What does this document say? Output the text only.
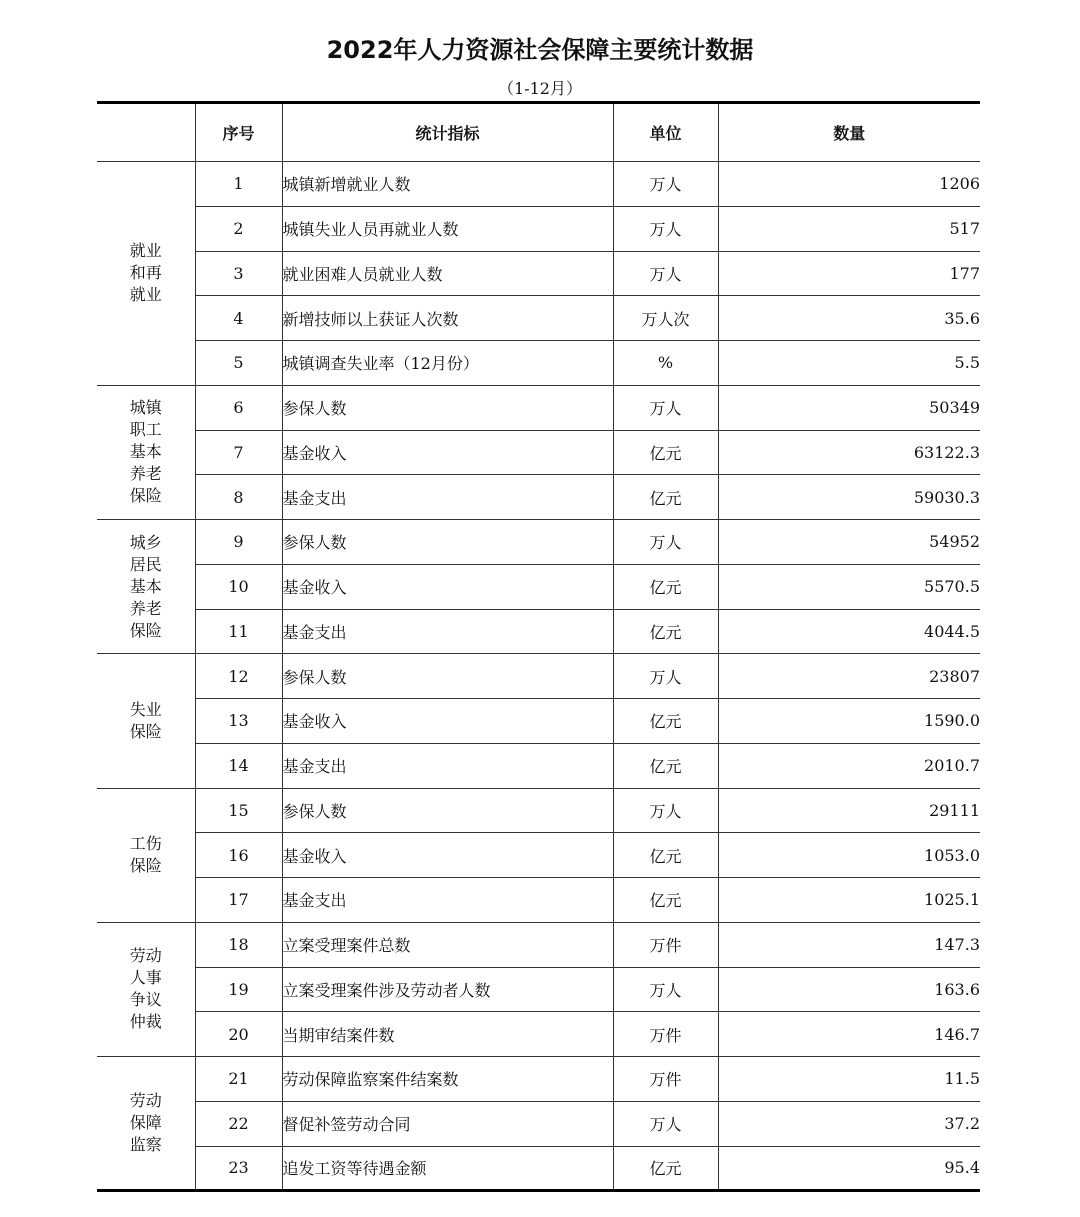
2022年人力资源社会保障主要统计数据
（1-12月）
	序号	统计指标	单位	数量
就业和再就业	1	城镇新增就业人数	万人	1206
	2	城镇失业人员再就业人数	万人	517
	3	就业困难人员就业人数	万人	177
	4	新增技师以上获证人次数	万人次	35.6
	5	城镇调查失业率（12月份）	%	5.5
城镇职工基本养老保险	6	参保人数	万人	50349
	7	基金收入	亿元	63122.3
	8	基金支出	亿元	59030.3
城乡居民基本养老保险	9	参保人数	万人	54952
	10	基金收入	亿元	5570.5
	11	基金支出	亿元	4044.5
失业保险	12	参保人数	万人	23807
	13	基金收入	亿元	1590.0
	14	基金支出	亿元	2010.7
工伤保险	15	参保人数	万人	29111
	16	基金收入	亿元	1053.0
	17	基金支出	亿元	1025.1
劳动人事争议仲裁	18	立案受理案件总数	万件	147.3
	19	立案受理案件涉及劳动者人数	万人	163.6
	20	当期审结案件数	万件	146.7
劳动保障监察	21	劳动保障监察案件结案数	万件	11.5
	22	督促补签劳动合同	万人	37.2
	23	追发工资等待遇金额	亿元	95.4
